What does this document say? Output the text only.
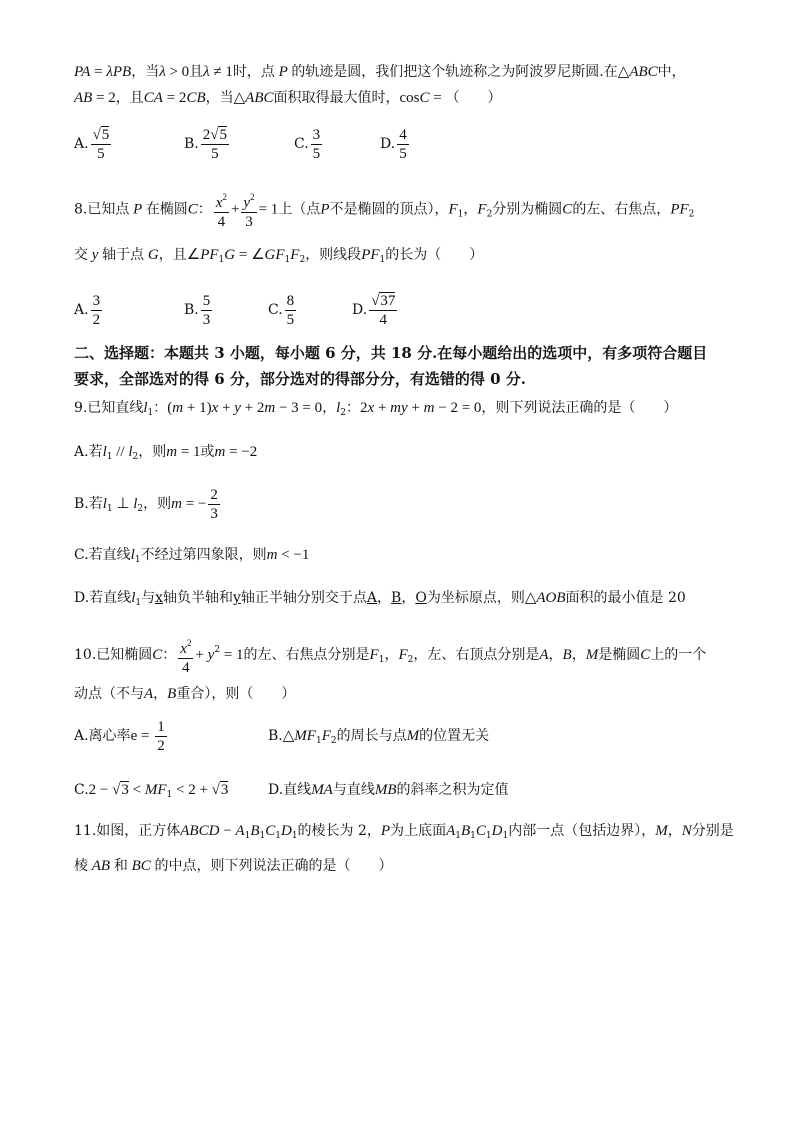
PA = λPB，当λ > 0且λ ≠ 1时，点 P 的轨迹是圆，我们把这个轨迹称之为阿波罗尼斯圆.在△ABC中，
AB = 2，且CA = 2CB，当△ABC面积取得最大值时，cosC = （　　）
A. $\frac{√5}{5}$	B. $\frac{2√5}{5}$	C. $\frac{3}{5}$	D. $\frac{4}{5}$
8.已知点 P 在椭圆C： $\frac{x^2}{4} + \frac{y^2}{3} = 1$上（点P不是椭圆的顶点），$F_1$，$F_2$分别为椭圆C的左、右焦点，$PF_2$
交 y 轴于点 G，且$\angle PF_1G$ = $\angle GF_1F_2$，则线段$PF_1$的长为（　　）
A. $\frac{3}{2}$	B. $\frac{5}{3}$	C. $\frac{8}{5}$	D. $\frac{√37}{4}$
二、选择题：本题共 3 小题，每小题 6 分，共 18 分.在每小题给出的选项中，有多项符合题目
要求，全部选对的得 6 分，部分选对的得部分分，有选错的得 0 分.
9.已知直线$l_1$：(m + 1)x + y + 2m − 3 = 0，$l_2$：2x + my + m − 2 = 0，则下列说法正确的是（　　）
A.若$l_1 // l_2$，则m = 1或m = −2
B.若$l_1$ ⊥ $l_2$，则m = − $\frac{2}{3}$
C.若直线$l_1$不经过第四象限，则m < −1
D.若直线$l_1$与x轴负半轴和y轴正半轴分别交于点A，B，O为坐标原点，则△AOB面积的最小值是 20
10.已知椭圆C： $\frac{x^2}{4} + y^2 = 1$的左、右焦点分别是$F_1$，$F_2$，左、右顶点分别是A，B，M是椭圆C上的一个
动点（不与A，B重合），则（　　）
A.离心率$e = \frac{1}{2}$	$B.\triangle MF_1F_2$的周长与点M的位置无关
$C.2 - √3 < MF_1 < 2 + √3$	D.直线MA与直线MB的斜率之积为定值
11.如图，正方体ABCD − $A_1B_1C_1D_1$的棱长为 2，P为上底面$A_1B_1C_1D_1$内部一点（包括边界），M，N分别是
棱 AB 和 BC 的中点，则下列说法正确的是（　　）
